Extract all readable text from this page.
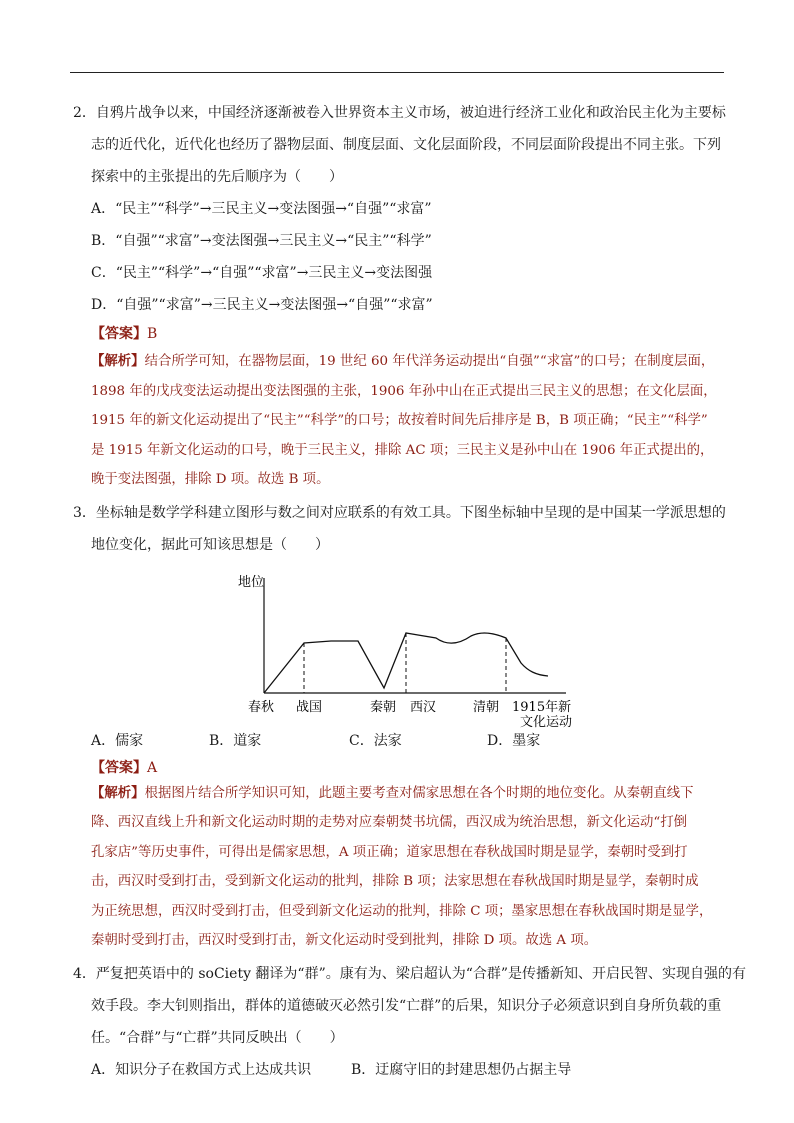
2．自鸦片战争以来，中国经济逐渐被卷入世界资本主义市场，被迫进行经济工业化和政治民主化为主要标
志的近代化，近代化也经历了器物层面、制度层面、文化层面阶段，不同层面阶段提出不同主张。下列
探索中的主张提出的先后顺序为（　　）
A．“民主”“科学”→三民主义→变法图强→“自强”“求富”
B．“自强”“求富”→变法图强→三民主义→“民主”“科学”
C．“民主”“科学”→“自强”“求富”→三民主义→变法图强
D．“自强”“求富”→三民主义→变法图强→“自强”“求富”
【答案】B
【解析】结合所学可知，在器物层面，19 世纪 60 年代洋务运动提出“自强”“求富”的口号；在制度层面，
1898 年的戊戌变法运动提出变法图强的主张，1906 年孙中山在正式提出三民主义的思想；在文化层面，
1915 年的新文化运动提出了“民主”“科学”的口号；故按着时间先后排序是 B，B 项正确；“民主”“科学”
是 1915 年新文化运动的口号，晚于三民主义，排除 AC 项；三民主义是孙中山在 1906 年正式提出的，
晚于变法图强，排除 D 项。故选 B 项。
3．坐标轴是数学学科建立图形与数之间对应联系的有效工具。下图坐标轴中呈现的是中国某一学派思想的
地位变化，据此可知该思想是（　　）
地位
春秋 战国	秦朝 西汉	清朝 1915年新
文化运动
A．儒家	B．道家	C．法家	D．墨家
【答案】A
【解析】根据图片结合所学知识可知，此题主要考查对儒家思想在各个时期的地位变化。从秦朝直线下
降、西汉直线上升和新文化运动时期的走势对应秦朝焚书坑儒，西汉成为统治思想，新文化运动“打倒
孔家店”等历史事件，可得出是儒家思想，A 项正确；道家思想在春秋战国时期是显学，秦朝时受到打
击，西汉时受到打击，受到新文化运动的批判，排除 B 项；法家思想在春秋战国时期是显学，秦朝时成
为正统思想，西汉时受到打击，但受到新文化运动的批判，排除 C 项；墨家思想在春秋战国时期是显学，
秦朝时受到打击，西汉时受到打击，新文化运动时受到批判，排除 D 项。故选 A 项。
4．严复把英语中的 soCiety 翻译为“群”。康有为、梁启超认为“合群”是传播新知、开启民智、实现自强的有
效手段。李大钊则指出，群体的道德破灭必然引发“亡群”的后果，知识分子必须意识到自身所负载的重
任。“合群”与“亡群”共同反映出（　　）
A．知识分子在救国方式上达成共识	B．迂腐守旧的封建思想仍占据主导
